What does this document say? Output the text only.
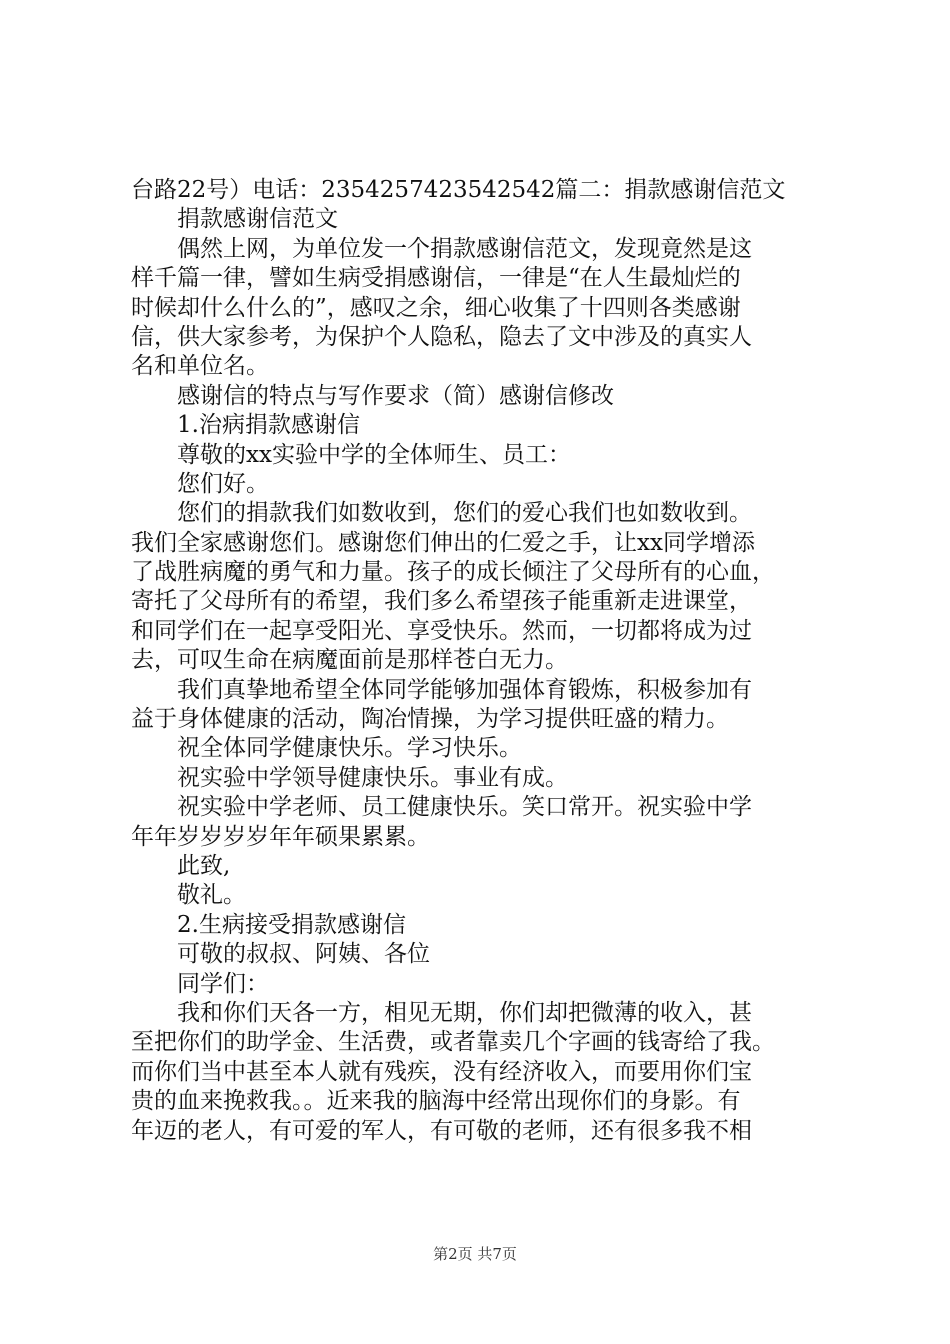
台路22号）电话：2354257423542542篇二：捐款感谢信范文
捐款感谢信范文
偶然上网，为单位发一个捐款感谢信范文，发现竟然是这
样千篇一律，譬如生病受捐感谢信，一律是“在人生最灿烂的
时候却什么什么的”，感叹之余，细心收集了十四则各类感谢
信，供大家参考，为保护个人隐私，隐去了文中涉及的真实人
名和单位名。
感谢信的特点与写作要求（简）感谢信修改
1.治病捐款感谢信
尊敬的xx实验中学的全体师生、员工：
您们好。
您们的捐款我们如数收到，您们的爱心我们也如数收到。
我们全家感谢您们。感谢您们伸出的仁爱之手，让xx同学增添
了战胜病魔的勇气和力量。孩子的成长倾注了父母所有的心血，
寄托了父母所有的希望，我们多么希望孩子能重新走进课堂，
和同学们在一起享受阳光、享受快乐。然而，一切都将成为过
去，可叹生命在病魔面前是那样苍白无力。
我们真挚地希望全体同学能够加强体育锻炼，积极参加有
益于身体健康的活动，陶冶情操，为学习提供旺盛的精力。
祝全体同学健康快乐。学习快乐。
祝实验中学领导健康快乐。事业有成。
祝实验中学老师、员工健康快乐。笑口常开。祝实验中学
年年岁岁岁岁年年硕果累累。
此致,
敬礼。
2.生病接受捐款感谢信
可敬的叔叔、阿姨、各位
同学们：
我和你们天各一方，相见无期，你们却把微薄的收入，甚
至把你们的助学金、生活费，或者靠卖几个字画的钱寄给了我。
而你们当中甚至本人就有残疾，没有经济收入，而要用你们宝
贵的血来挽救我。。近来我的脑海中经常出现你们的身影。有
年迈的老人，有可爱的军人，有可敬的老师，还有很多我不相
第2页 共7页
